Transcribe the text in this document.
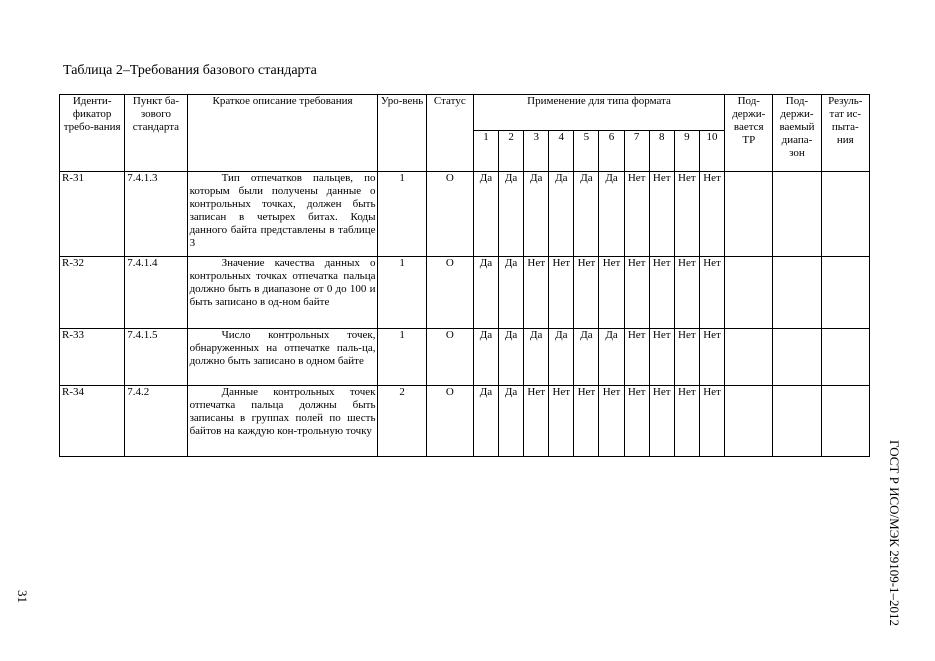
Таблица 2–Требования базового стандарта
Иденти-фикатор требо-вания	Пункт ба-зового стандарта	Краткое описание требования	Уро-вень	Статус	Применение для типа формата										Под-держи-вается ТР	Под-держи-ваемый диапа-зон	Резуль-тат ис-пыта-ния
					1	2	3	4	5	6	7	8	9	10			
R-31	7.4.1.3	Тип отпечатков пальцев, по которым были получены данные о контрольных точках, должен быть записан в четырех битах. Коды данного байта представлены в таблице 3	1	О	Да	Да	Да	Да	Да	Да	Нет	Нет	Нет	Нет			
R-32	7.4.1.4	Значение качества данных о контрольных точках отпечатка пальца должно быть в диапазоне от 0 до 100 и быть записано в од-ном байте	1	О	Да	Да	Нет	Нет	Нет	Нет	Нет	Нет	Нет	Нет			
R-33	7.4.1.5	Число контрольных точек, обнаруженных на отпечатке паль-ца, должно быть записано в одном байте	1	О	Да	Да	Да	Да	Да	Да	Нет	Нет	Нет	Нет			
R-34	7.4.2	Данные контрольных точек отпечатка пальца должны быть записаны в группах полей по шесть байтов на каждую кон-трольную точку	2	О	Да	Да	Нет	Нет	Нет	Нет	Нет	Нет	Нет	Нет			
31	ГОСТ Р ИСО/МЭК 29109-1–2012
